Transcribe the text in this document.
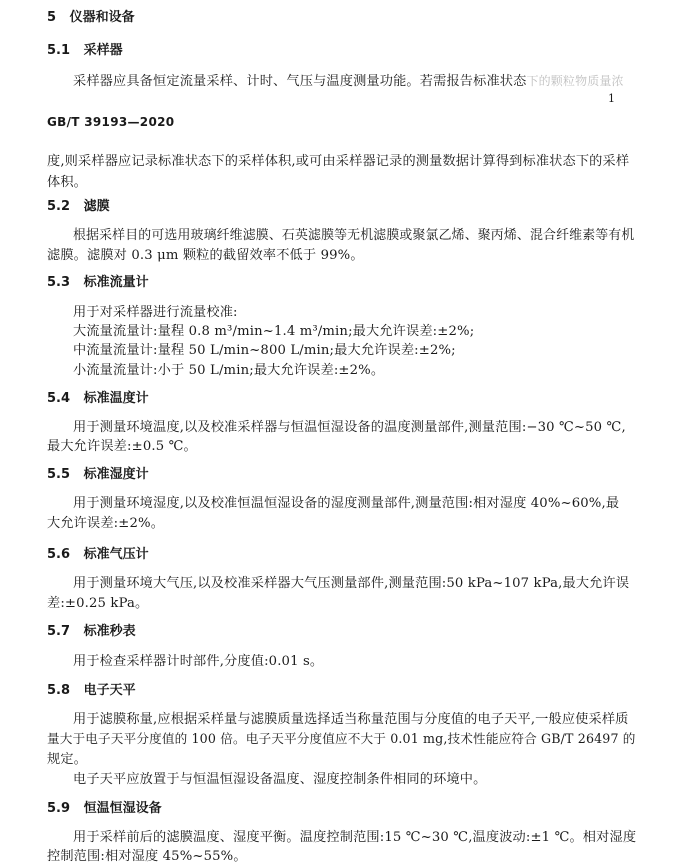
5 仪器和设备
5.1 采样器
采样器应具备恒定流量采样、计时、气压与温度测量功能。若需报告标准状态下的颗粒物质量浓
1
GB/T 39193—2020
度,则采样器应记录标准状态下的采样体积,或可由采样器记录的测量数据计算得到标准状态下的采样
体积。
5.2 滤膜
根据采样目的可选用玻璃纤维滤膜、石英滤膜等无机滤膜或聚氯乙烯、聚丙烯、混合纤维素等有机
滤膜。滤膜对 0.3 μm 颗粒的截留效率不低于 99%。
5.3 标准流量计
用于对采样器进行流量校准:
大流量流量计:量程 0.8 m³/min~1.4 m³/min;最大允许误差:±2%;
中流量流量计:量程 50 L/min~800 L/min;最大允许误差:±2%;
小流量流量计:小于 50 L/min;最大允许误差:±2%。
5.4 标准温度计
用于测量环境温度,以及校准采样器与恒温恒湿设备的温度测量部件,测量范围:−30 ℃~50 ℃,
最大允许误差:±0.5 ℃。
5.5 标准湿度计
用于测量环境湿度,以及校准恒温恒湿设备的湿度测量部件,测量范围:相对湿度 40%~60%,最
大允许误差:±2%。
5.6 标准气压计
用于测量环境大气压,以及校准采样器大气压测量部件,测量范围:50 kPa~107 kPa,最大允许误
差:±0.25 kPa。
5.7 标准秒表
用于检查采样器计时部件,分度值:0.01 s。
5.8 电子天平
用于滤膜称量,应根据采样量与滤膜质量选择适当称量范围与分度值的电子天平,一般应使采样质
量大于电子天平分度值的 100 倍。电子天平分度值应不大于 0.01 mg,技术性能应符合 GB/T 26497 的
规定。
电子天平应放置于与恒温恒湿设备温度、湿度控制条件相同的环境中。
5.9 恒温恒湿设备
用于采样前后的滤膜温度、湿度平衡。温度控制范围:15 ℃~30 ℃,温度波动:±1 ℃。相对湿度
控制范围:相对湿度 45%~55%。
